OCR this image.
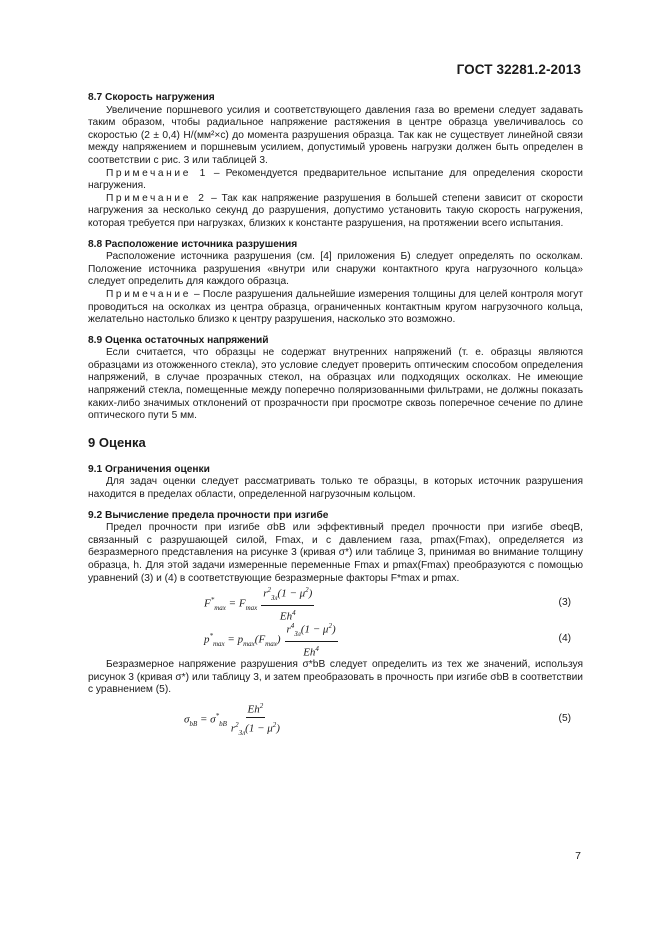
ГОСТ 32281.2-2013

8.7 Скорость нагружения

Увеличение поршневого усилия и соответствующего давления газа во времени следует задавать таким образом, чтобы радиальное напряжение растяжения в центре образца увеличивалось со скоростью (2 ± 0,4) Н/(мм²×с) до момента разрушения образца. Так как не существует линейной связи между напряжением и поршневым усилием, допустимый уровень нагрузки должен быть определен в соответствии с рис. 3 или таблицей 3.

Примечание 1 – Рекомендуется предварительное испытание для определения скорости нагружения.

Примечание 2 – Так как напряжение разрушения в большей степени зависит от скорости нагружения за несколько секунд до разрушения, допустимо установить такую скорость нагружения, которая требуется при нагрузках, близких к константе разрушения, на протяжении всего испытания.

8.8 Расположение источника разрушения

Расположение источника разрушения (см. [4] приложения Б) следует определять по осколкам. Положение источника разрушения «внутри или снаружи контактного круга нагрузочного кольца» следует определить для каждого образца.

Примечание – После разрушения дальнейшие измерения толщины для целей контроля могут проводиться на осколках из центра образца, ограниченных контактным кругом нагрузочного кольца, желательно настолько близко к центру разрушения, насколько это возможно.

8.9 Оценка остаточных напряжений

Если считается, что образцы не содержат внутренних напряжений (т. е. образцы являются образцами из отожженного стекла), это условие следует проверить оптическим способом определения напряжений, в случае прозрачных стекол, на образцах или подходящих осколках. Не имеющие напряжений стекла, помещенные между поперечно поляризованными фильтрами, не должны показать каких-либо значимых отклонений от прозрачности при просмотре сквозь поперечное сечение по длине оптического пути 5 мм.

9 Оценка

9.1 Ограничения оценки

Для задач оценки следует рассматривать только те образцы, в которых источник разрушения находится в пределах области, определенной нагрузочным кольцом.

9.2 Вычисление предела прочности при изгибе

Предел прочности при изгибе σbB или эффективный предел прочности при изгибе σbeqB, связанный с разрушающей силой, Fmax, и с давлением газа, pmax(Fmax), определяется из безразмерного представления на рисунке 3 (кривая σ*) или таблице 3, принимая во внимание толщину образца, h. Для этой задачи измеренные переменные Fmax и pmax(Fmax) преобразуются с помощью уравнений (3) и (4) в соответствующие безразмерные факторы F*max и pmax.

$F^*_{max} = F_{max} \frac{r^2_{Зл}(1 - \mu^2)}{Eh^4}$	(3)
$p^*_{max} = p_{max}(F_{max}) \frac{r^4_{Зл}(1 - \mu^2)}{Eh^4}$	(4)

Безразмерное напряжение разрушения σ*bB следует определить из тех же значений, используя рисунок 3 (кривая σ*) или таблицу 3, и затем преобразовать в прочность при изгибе σbB в соответствии с уравнением (5).

$\sigma_{bB} = \sigma^*_{bB} \frac{Eh^2}{r^2_{Зл}(1 - \mu^2)}$	(5)
7
